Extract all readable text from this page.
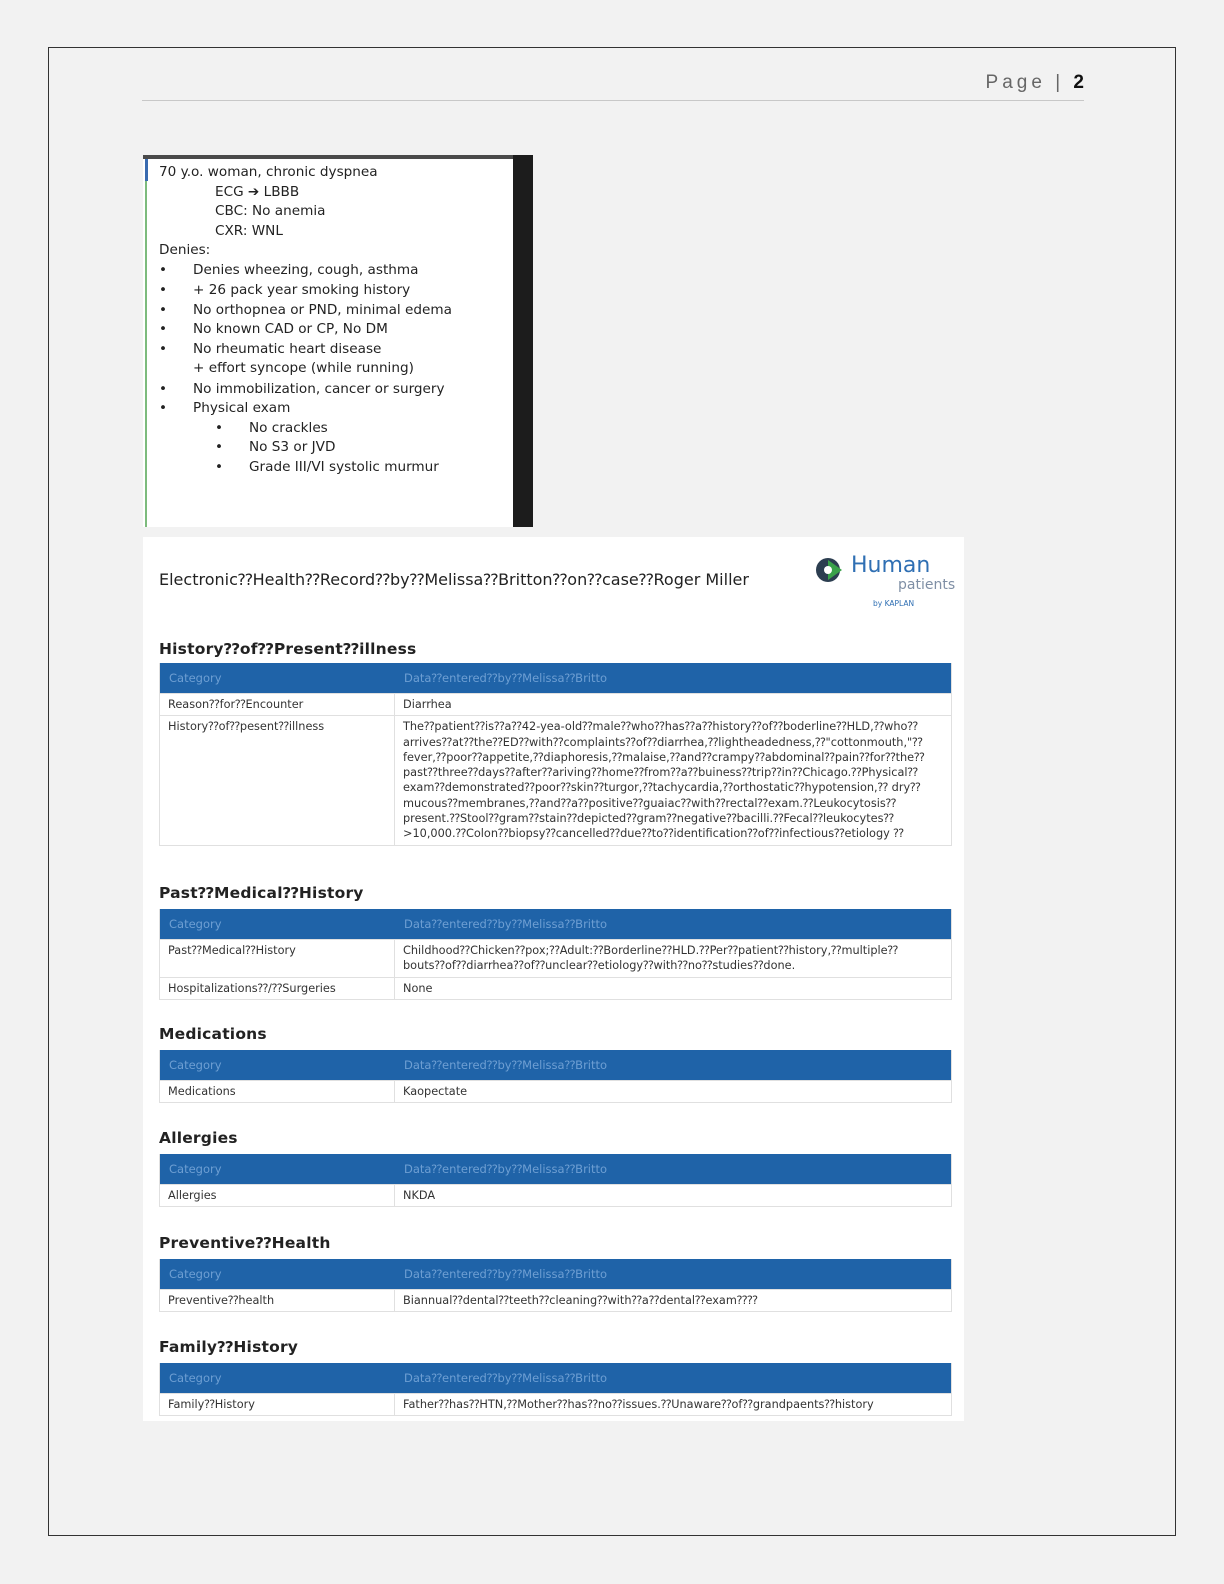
Page | 2
70 y.o. woman, chronic dyspnea
ECG ➔ LBBB
CBC: No anemia
CXR: WNL
Denies:
• Denies wheezing, cough, asthma
• + 26 pack year smoking history
• No orthopnea or PND, minimal edema
• No known CAD or CP, No DM
• No rheumatic heart disease
+ effort syncope (while running)
• No immobilization, cancer or surgery
• Physical exam
• No crackles
• No S3 or JVD
• Grade III/VI systolic murmur
Electronic⁇Health⁇Record⁇by⁇Melissa⁇Britton⁇on⁇case⁇Roger Miller
Human
patients
by KAPLAN
History⁇of⁇Present⁇illness
Category	Data⁇entered⁇by⁇Melissa⁇Britto
Reason⁇for⁇Encounter	Diarrhea
History⁇of⁇pesent⁇illness	The⁇patient⁇is⁇a⁇42-yea-old⁇male⁇who⁇has⁇a⁇history⁇of⁇boderline⁇HLD,⁇who⁇ arrives⁇at⁇the⁇ED⁇with⁇complaints⁇of⁇diarrhea,⁇lightheadedness,⁇"cottonmouth,"⁇ fever,⁇poor⁇appetite,⁇diaphoresis,⁇malaise,⁇and⁇crampy⁇abdominal⁇pain⁇for⁇the⁇ past⁇three⁇days⁇after⁇ariving⁇home⁇from⁇a⁇buiness⁇trip⁇in⁇Chicago.⁇Physical⁇ exam⁇demonstrated⁇poor⁇skin⁇turgor,⁇tachycardia,⁇orthostatic⁇hypotension,⁇ dry⁇mucous⁇membranes,⁇and⁇a⁇positive⁇guaiac⁇with⁇rectal⁇exam.⁇Leukocytosis⁇ present.⁇Stool⁇gram⁇stain⁇depicted⁇gram⁇negative⁇bacilli.⁇Fecal⁇leukocytes⁇ >10,000.⁇Colon⁇biopsy⁇cancelled⁇due⁇to⁇identification⁇of⁇infectious⁇etiology ⁇
Past⁇Medical⁇History
Category	Data⁇entered⁇by⁇Melissa⁇Britto
Past⁇Medical⁇History	Childhood⁇Chicken⁇pox;⁇Adult:⁇Borderline⁇HLD.⁇Per⁇patient⁇history,⁇multiple⁇ bouts⁇of⁇diarrhea⁇of⁇unclear⁇etiology⁇with⁇no⁇studies⁇done.
Hospitalizations⁇/⁇Surgeries	None
Medications
Category	Data⁇entered⁇by⁇Melissa⁇Britto
Medications	Kaopectate
Allergies
Category	Data⁇entered⁇by⁇Melissa⁇Britto
Allergies	NKDA
Preventive⁇Health
Category	Data⁇entered⁇by⁇Melissa⁇Britto
Preventive⁇health	Biannual⁇dental⁇teeth⁇cleaning⁇with⁇a⁇dental⁇exam⁇⁇
Family⁇History
Category	Data⁇entered⁇by⁇Melissa⁇Britto
Family⁇History	Father⁇has⁇HTN,⁇Mother⁇has⁇no⁇issues.⁇Unaware⁇of⁇grandpaents⁇history
